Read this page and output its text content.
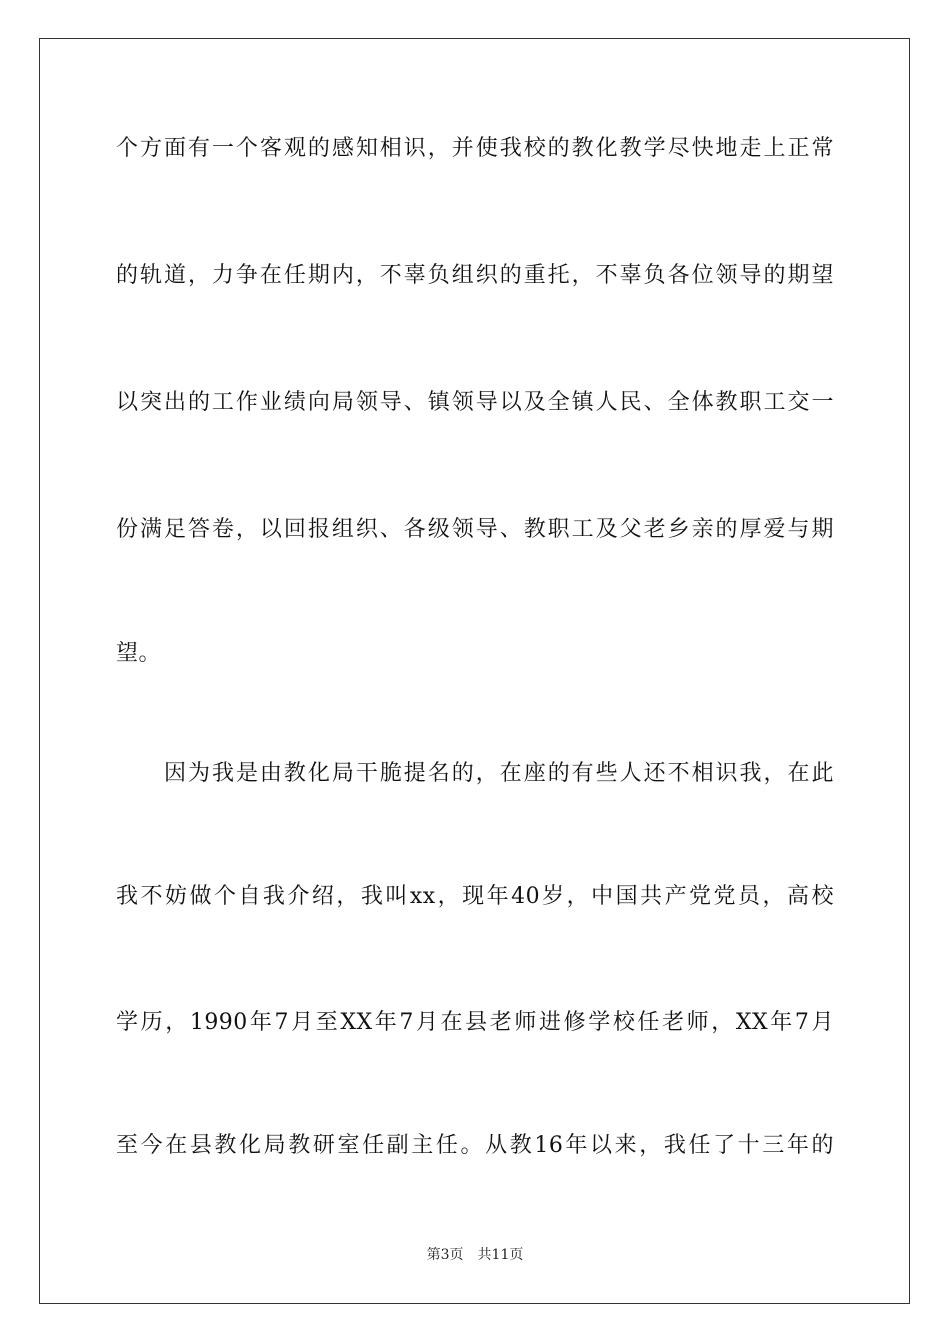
个方面有一个客观的感知相识，并使我校的教化教学尽快地走上正常
的轨道，力争在任期内，不辜负组织的重托，不辜负各位领导的期望
以突出的工作业绩向局领导、镇领导以及全镇人民、全体教职工交一
份满足答卷，以回报组织、各级领导、教职工及父老乡亲的厚爱与期
望。
因为我是由教化局干脆提名的，在座的有些人还不相识我，在此
我不妨做个自我介绍，我叫xx，现年40岁，中国共产党党员，高校
学历，1990年7月至XX年7月在县老师进修学校任老师，XX年7月
至今在县教化局教研室任副主任。从教16年以来，我任了十三年的
第3页 共11页
